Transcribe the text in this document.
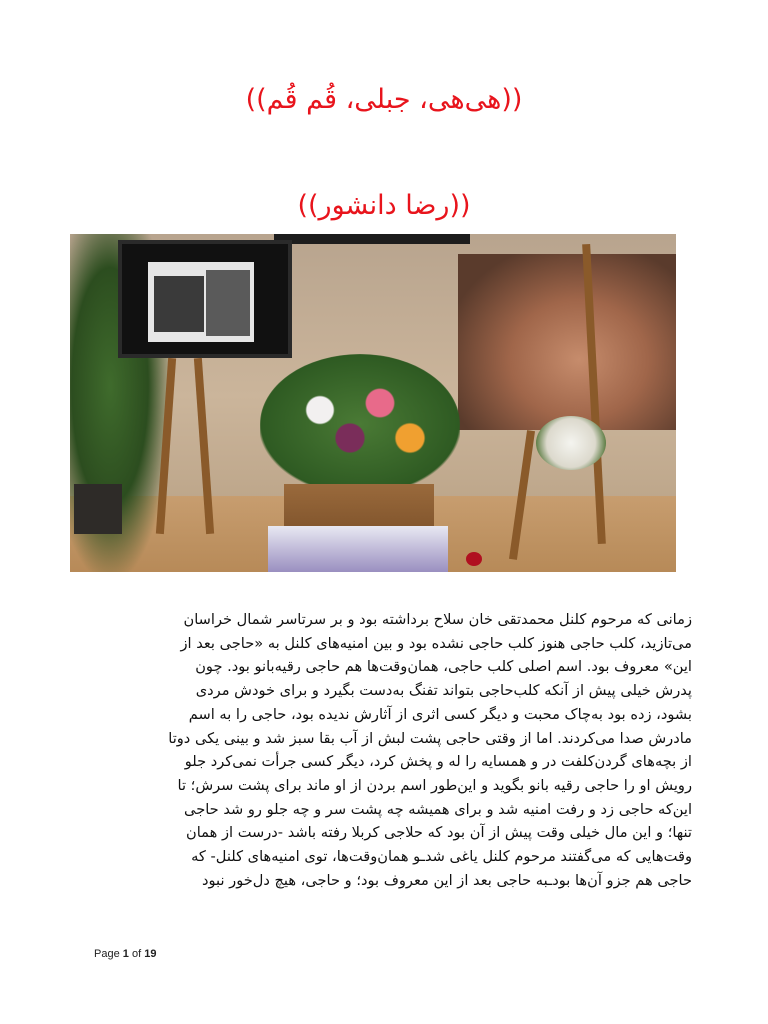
((هی‌هی، جبلی، قُم قُم))
((رضا دانشور))
زمانی که مرحوم کلنل محمدتقی خان سلاح برداشته بود و بر سرتاسر شمال خراسان
می‌تازید، کلب حاجی هنوز کلب حاجی نشده بود و بین امنیه‌های کلنل به «حاجی بعد از
این» معروف بود. اسم اصلی کلب حاجی، همان‌وقت‌ها هم حاجی رقیه‌بانو بود. چون
پدرش خیلی پیش از آنکه کلب‌حاجی بتواند تفنگ به‌دست بگیرد و برای خودش مردی
بشود، زده بود به‌چاک محبت و دیگر کسی اثری از آثارش ندیده بود، حاجی را به اسم
مادرش صدا می‌کردند. اما از وقتی حاجی پشت لبش از آب بقا سبز شد و بینی یکی دوتا
از بچه‌های گردن‌کلفت در و همسایه را له و پخش کرد، دیگر کسی جرأت نمی‌کرد جلو
رویش او را حاجی رقیه بانو بگوید و این‌طور اسم بردن از او ماند برای پشت سرش؛ تا
این‌که حاجی زد و رفت امنیه شد و برای همیشه چه پشت سر و چه جلو رو شد حاجی
تنها؛ و این مال خیلی وقت پیش از آن بود که حلاجی کربلا رفته باشد -درست از همان
وقت‌هایی که می‌گفتند مرحوم کلنل یاغی شد‌ـو همان‌وقت‌ها، توی امنیه‌های کلنل- که
حاجی هم جزو آن‌ها بود‌ـبه حاجی بعد از این معروف بود؛ و حاجی، هیچ دل‌خور نبود
Page 1 of 19
